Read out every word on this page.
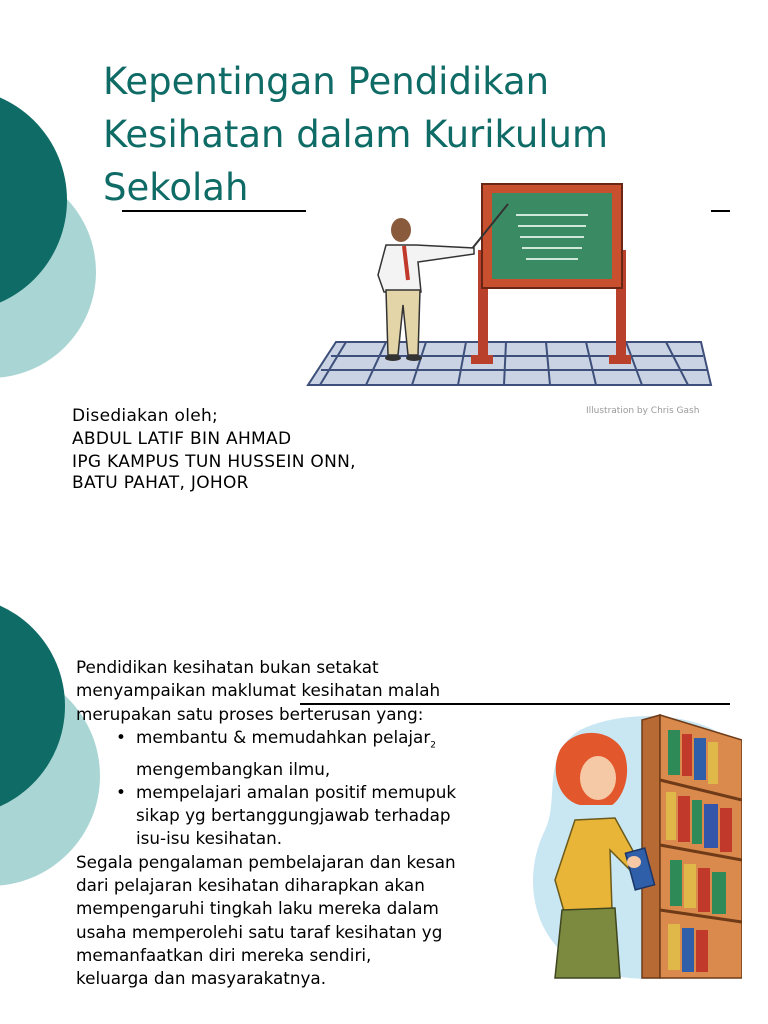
Kepentingan Pendidikan
Kesihatan dalam Kurikulum
Sekolah
Illustration by Chris Gash
Disediakan oleh;
ABDUL LATIF BIN AHMAD
IPG KAMPUS TUN HUSSEIN ONN,
BATU PAHAT, JOHOR
Pendidikan kesihatan bukan setakat
menyampaikan maklumat kesihatan malah
merupakan satu proses berterusan yang:
• membantu & memudahkan pelajar$_2$
mengembangkan ilmu,
• mempelajari amalan positif memupuk
sikap yg bertanggungjawab terhadap
isu-isu kesihatan.
Segala pengalaman pembelajaran dan kesan
dari pelajaran kesihatan diharapkan akan
mempengaruhi tingkah laku mereka dalam
usaha memperolehi satu taraf kesihatan yg
memanfaatkan diri mereka sendiri,
keluarga dan masyarakatnya.
